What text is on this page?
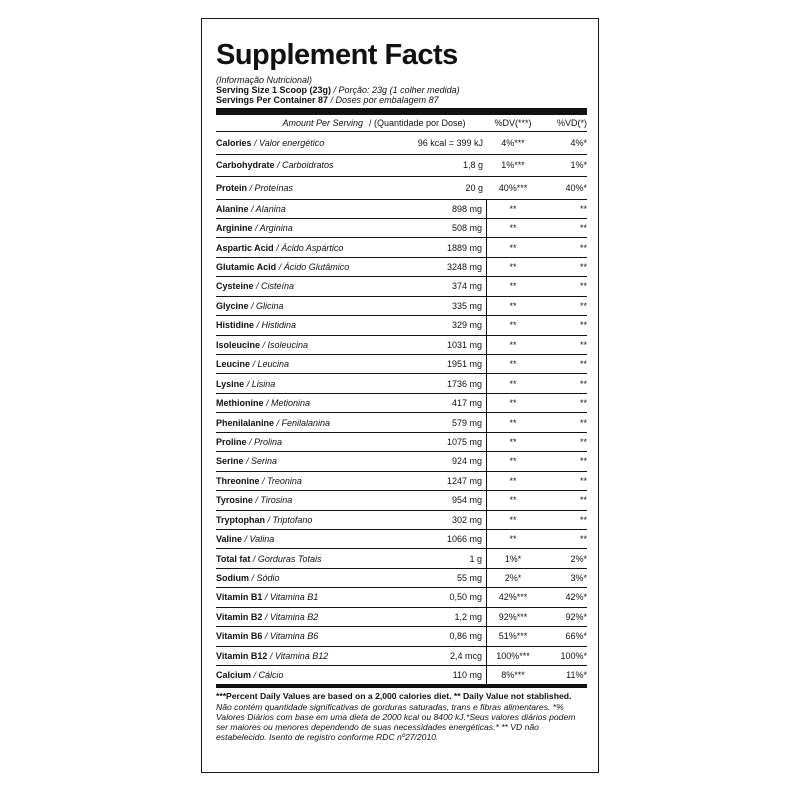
Supplement Facts
(Informação Nutricional)
Serving Size 1 Scoop (23g) / Porção: 23g (1 colher medida)
Servings Per Container 87 / Doses por embalagem 87
Amount Per Serving / (Quantidade por Dose)	%DV(***)	%VD(*)
Calories / Valor energético	96 kcal = 399 kJ	4%***	4%*
Carbohydrate / Carboidratos	1,8 g	1%***	1%*
Protein / Proteínas	20 g	40%***	40%*
Alanine / Alanina	898 mg	**	**
Arginine / Arginina	508 mg	**	**
Aspartic Acid / Ácido Aspártico	1889 mg	**	**
Glutamic Acid / Ácido Glutâmico	3248 mg	**	**
Cysteine / Cisteína	374 mg	**	**
Glycine / Glicina	335 mg	**	**
Histidine / Histidina	329 mg	**	**
Isoleucine / Isoleucina	1031 mg	**	**
Leucine / Leucina	1951 mg	**	**
Lysine / Lisina	1736 mg	**	**
Methionine / Metionina	417 mg	**	**
Phenilalanine / Fenilalanina	579 mg	**	**
Proline / Prolina	1075 mg	**	**
Serine / Serina	924 mg	**	**
Threonine / Treonina	1247 mg	**	**
Tyrosine / Tirosina	954 mg	**	**
Tryptophan / Triptofano	302 mg	**	**
Valine / Valina	1066 mg	**	**
Total fat / Gorduras Totais	1 g	1%*	2%*
Sodium / Sódio	55 mg	2%*	3%*
Vitamin B1 / Vitamina B1	0,50 mg	42%***	42%*
Vitamin B2 / Vitamina B2	1,2 mg	92%***	92%*
Vitamin B6 / Vitamina B6	0,86 mg	51%***	66%*
Vitamin B12 / Vitamina B12	2,4 mcg	100%***	100%*
Calcium / Cálcio	110 mg	8%***	11%*
***Percent Daily Values are based on a 2,000 calories diet. ** Daily Value not stablished.
Não contém quantidade significativas de gorduras saturadas, trans e fibras alimentares. *% Valores Diários com base em uma dieta de 2000 kcal ou 8400 kJ.*Seus valores diários podem ser maiores ou menores dependendo de suas necessidades energéticas.* ** VD não estabelecido. Isento de registro conforme RDC nº27/2010.
